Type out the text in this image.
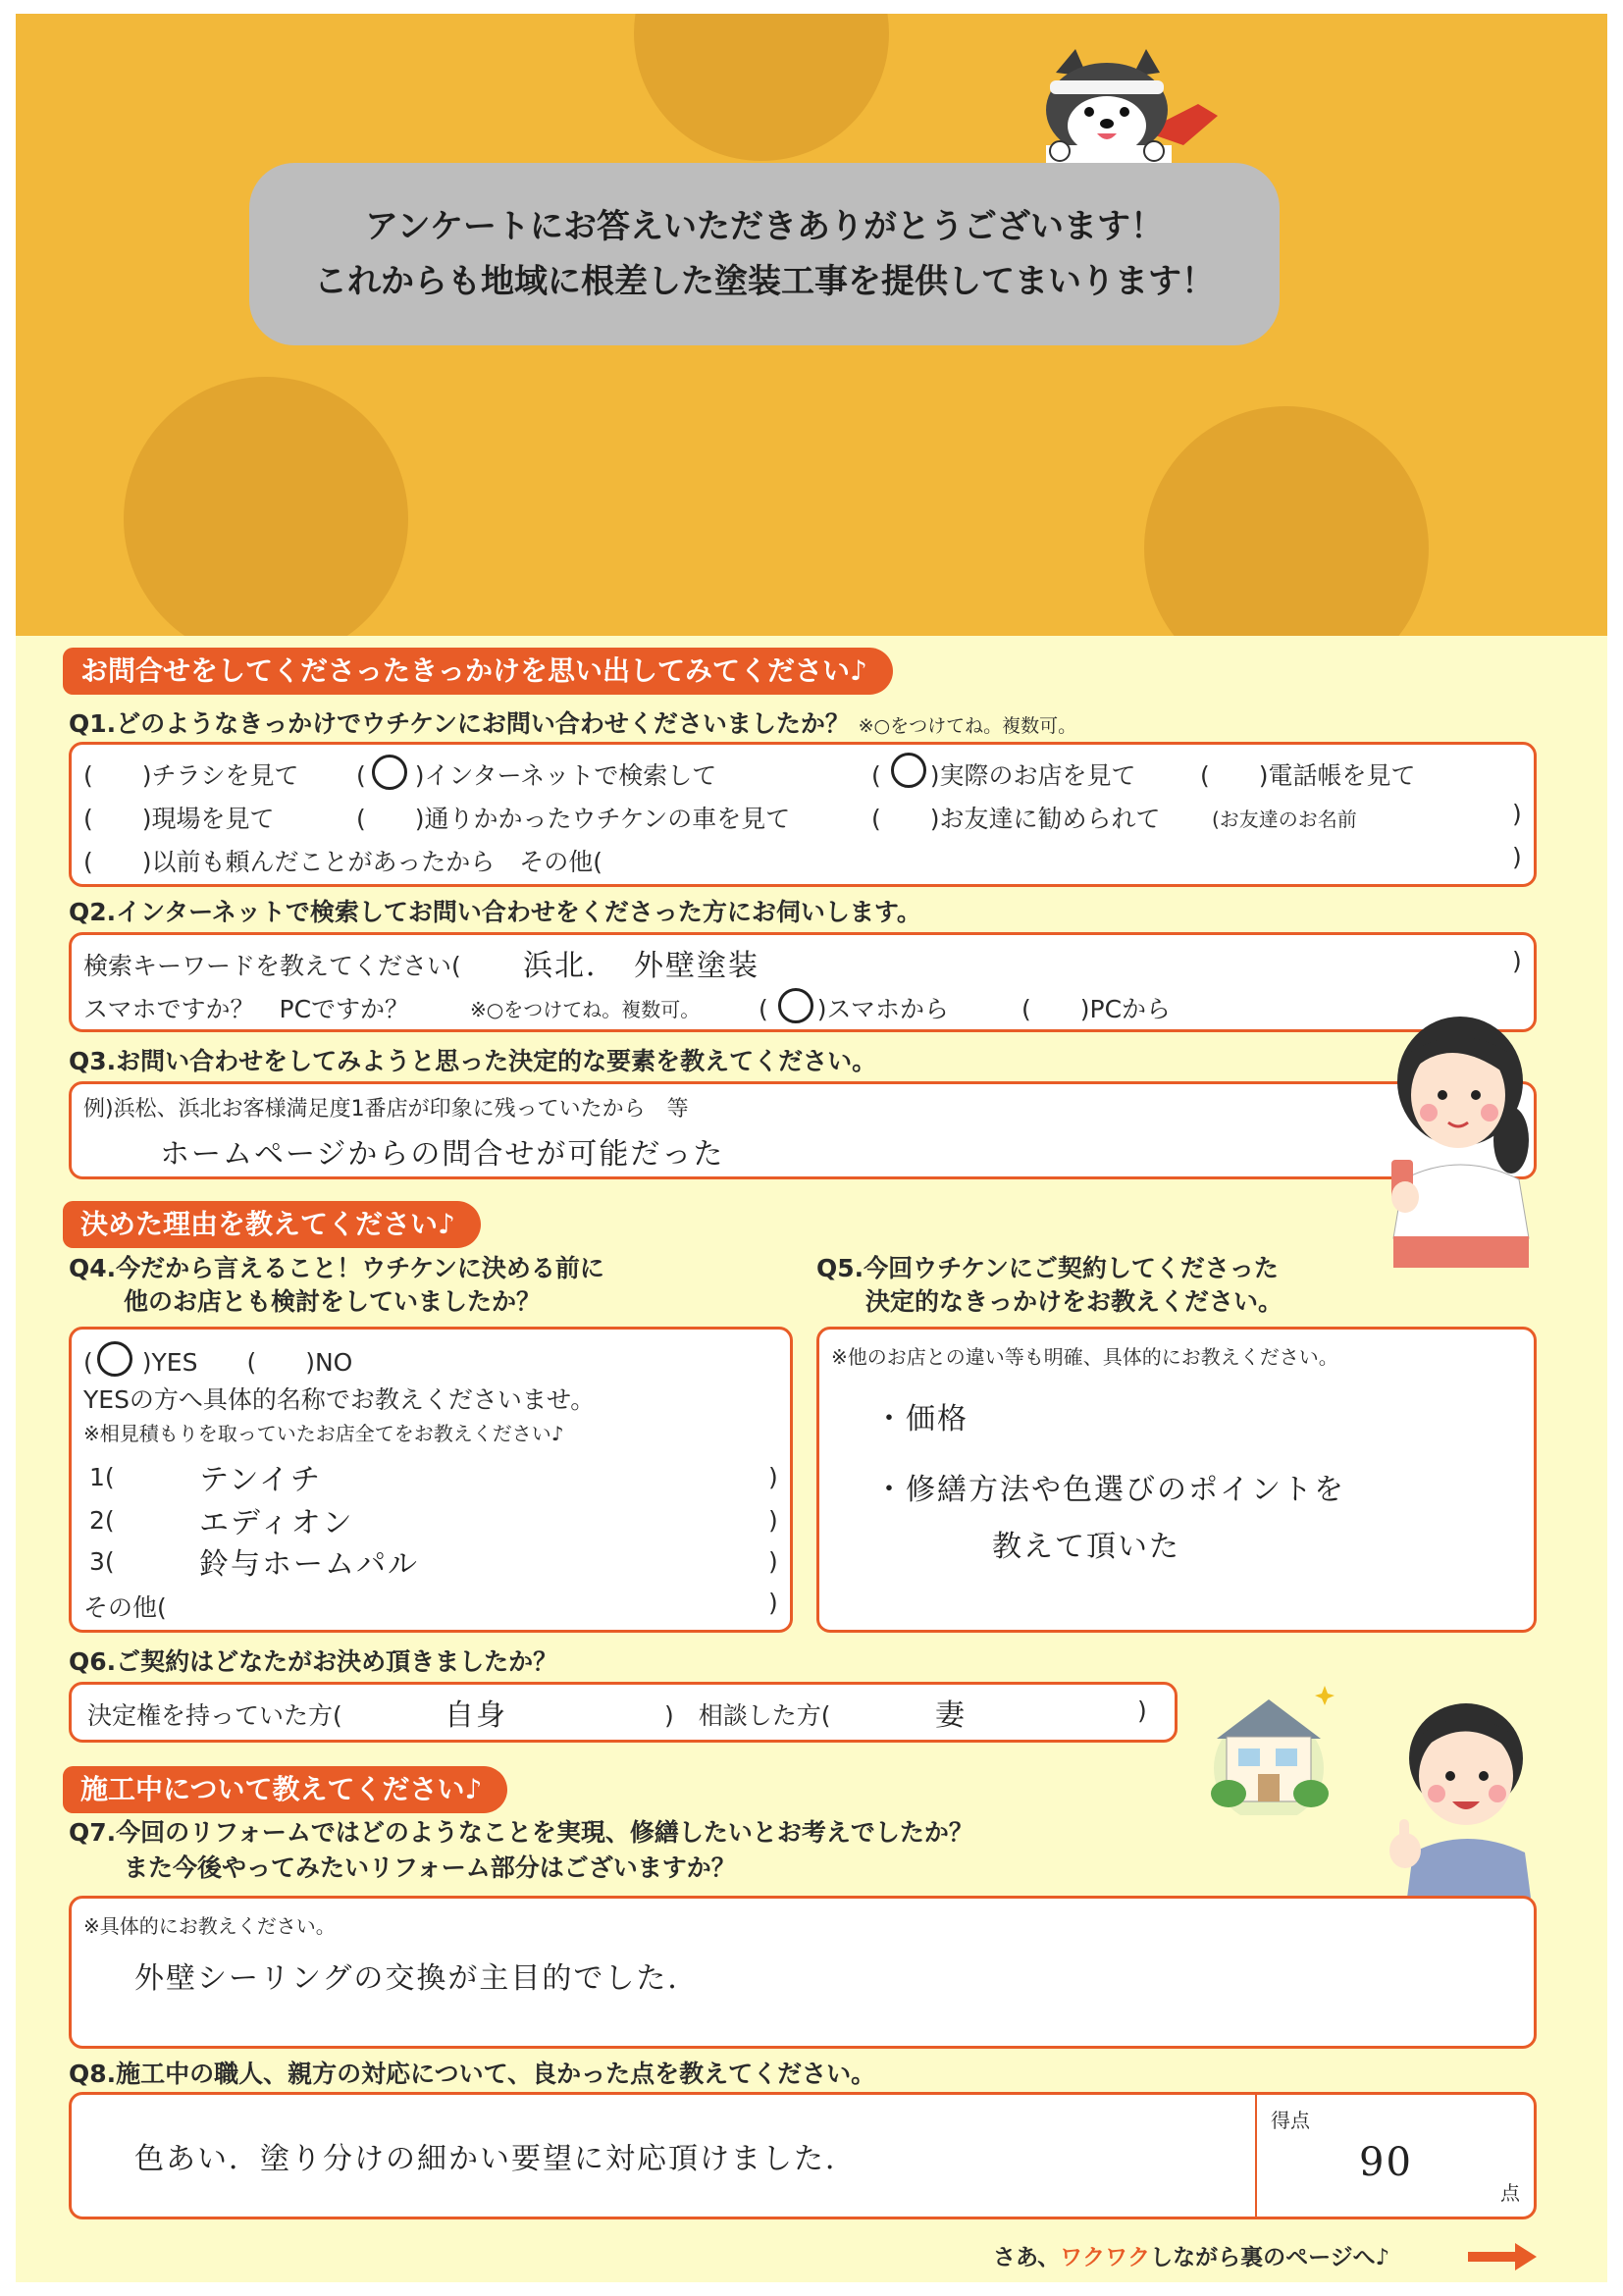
アンケートにお答えいただきありがとうございます！
これからも地域に根差した塗装工事を提供してまいります！
お問合せをしてくださったきっかけを思い出してみてください♪
Q1.どのようなきっかけでウチケンにお問い合わせくださいましたか？ ※○をつけてね。複数可。
(　　)チラシを見て (　　)インターネットで検索して	(　　)実際のお店を見て	(　　)電話帳を見て
(　　)現場を見て	(　　)通りかかったウチケンの車を見て	(　　)お友達に勧められて	(お友達のお名前	)
(　　)以前も頼んだことがあったから　その他(	)
Q2.インターネットで検索してお問い合わせをくださった方にお伺いします。
検索キーワードを教えてください( 浜北．　外壁塗装	)
スマホですか？　PCですか？	※○をつけてね。複数可。 (　　)スマホから	(　　)PCから
Q3.お問い合わせをしてみようと思った決定的な要素を教えてください。
例)浜松、浜北お客様満足度1番店が印象に残っていたから　等
ホームページからの問合せが可能だった
決めた理由を教えてください♪
Q4.今だから言えること！ウチケンに決める前に
他のお店とも検討をしていましたか？
Q5.今回ウチケンにご契約してくださった
決定的なきっかけをお教えください。
(　　)YES　　(　　)NO
YESの方へ具体的名称でお教えくださいませ。
※相見積もりを取っていたお店全てをお教えください♪
1(	テンイチ	)
2(	エディオン	)
3(	鈴与ホームパル	)
その他(	)
※他のお店との違い等も明確、具体的にお教えください。
・価格
・修繕方法や色選びのポイントを
教えて頂いた
Q6.ご契約はどなたがお決め頂きましたか？
決定権を持っていた方(	自身	)　相談した方(	妻	)
施工中について教えてください♪
Q7.今回のリフォームではどのようなことを実現、修繕したいとお考えでしたか？
また今後やってみたいリフォーム部分はございますか？
※具体的にお教えください。
外壁シーリングの交換が主目的でした．
Q8.施工中の職人、親方の対応について、良かった点を教えてください。
色あい．塗り分けの細かい要望に対応頂けました．
得点
90
点
さあ、ワクワクしながら裏のページへ♪
